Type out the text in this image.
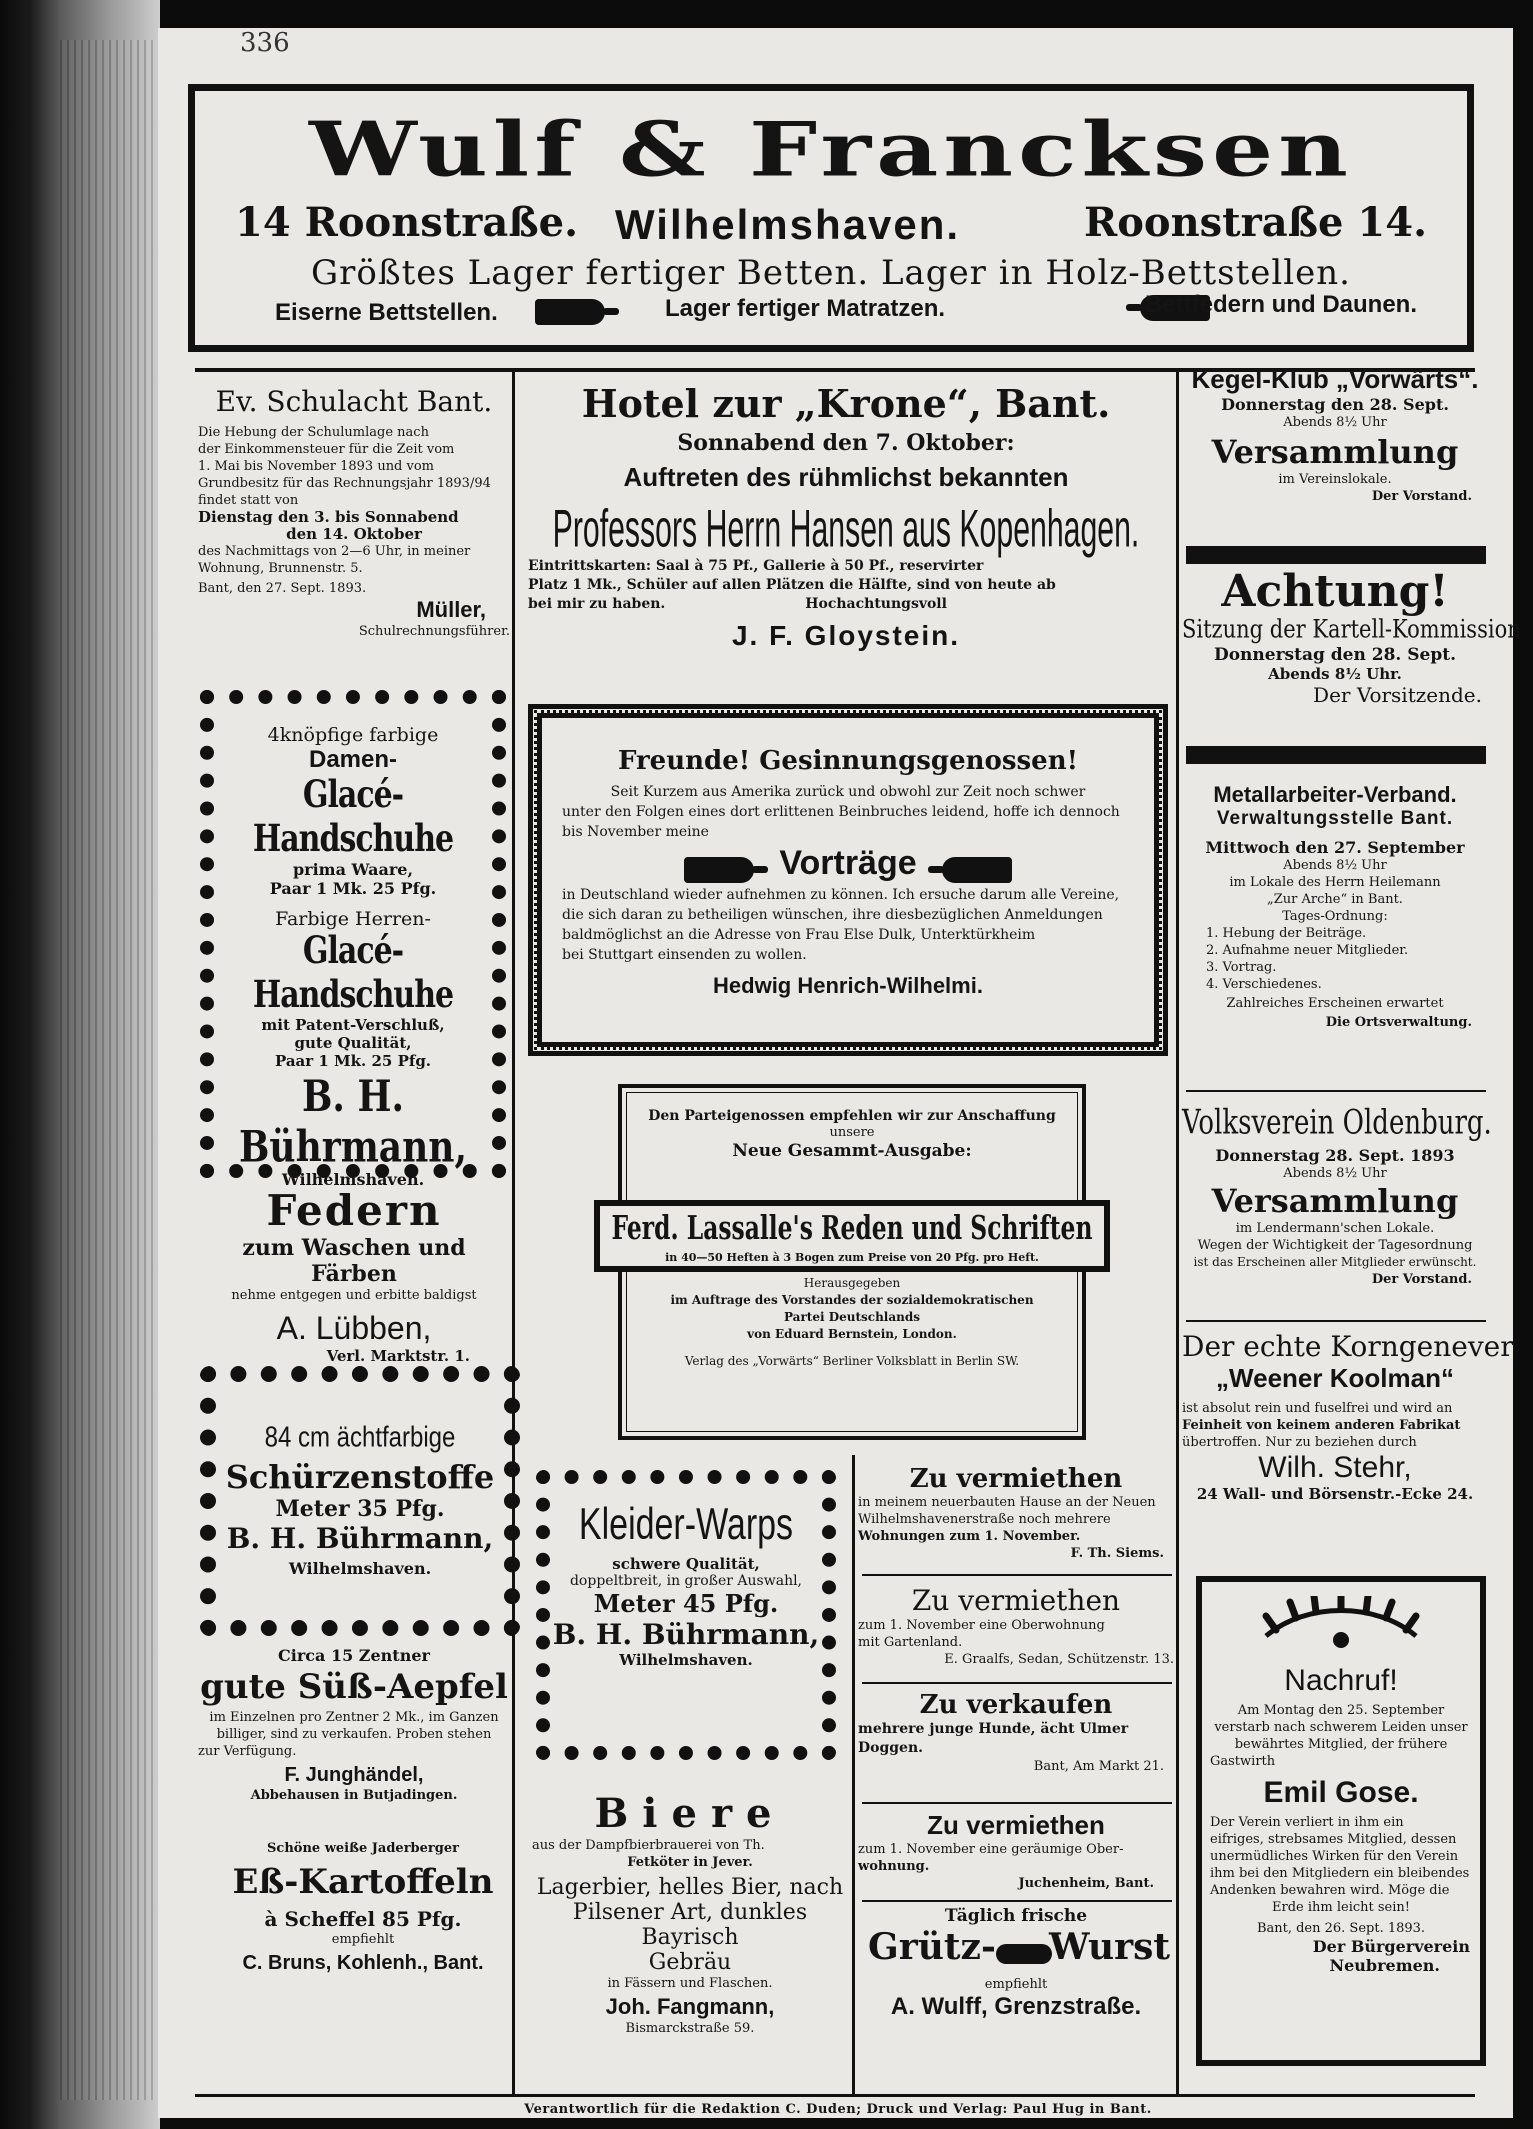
336
Wulf & Francksen
14 Roonstraße. Wilhelmshaven.	Roonstraße 14.
Größtes Lager fertiger Betten. Lager in Holz-Bettstellen.
Eiserne Bettstellen.
	Lager fertiger Matratzen.	Bettfedern und Daunen.
Ev. Schulacht Bant.
Die Hebung der Schulumlage nach
der Einkommensteuer für die Zeit vom
1. Mai bis November 1893 und vom
Grundbesitz für das Rechnungsjahr 1893/94
findet statt von
Dienstag den 3. bis Sonnabend
den 14. Oktober
des Nachmittags von 2—6 Uhr, in meiner
Wohnung, Brunnenstr. 5.
Bant, den 27. Sept. 1893.
Müller,
Schulrechnungsführer.
4knöpfige farbige
Damen-
Glacé-Handschuhe
prima Waare,
Paar 1 Mk. 25 Pfg.
Farbige Herren-
Glacé-Handschuhe
mit Patent-Verschluß,
gute Qualität,
Paar 1 Mk. 25 Pfg.
B. H. Bührmann,
Wilhelmshaven.
Federn
zum Waschen und Färben
nehme entgegen und erbitte baldigst
A. Lübben,
Verl. Marktstr. 1.
84 cm ächtfarbige
Schürzenstoffe
Meter 35 Pfg.
B. H. Bührmann,
Wilhelmshaven.
Circa 15 Zentner
gute Süß-Aepfel
im Einzelnen pro Zentner 2 Mk., im Ganzen
billiger, sind zu verkaufen. Proben stehen
zur Verfügung.
F. Junghändel,
Abbehausen in Butjadingen.
Schöne weiße Jaderberger
Eß-Kartoffeln
à Scheffel 85 Pfg.
empfiehlt
C. Bruns, Kohlenh., Bant.
Hotel zur „Krone“, Bant.
Sonnabend den 7. Oktober:
Auftreten des rühmlichst bekannten
Professors Herrn Hansen aus Kopenhagen.
Eintrittskarten: Saal à 75 Pf., Gallerie à 50 Pf., reservirter
Platz 1 Mk., Schüler auf allen Plätzen die Hälfte, sind von heute ab
bei mir zu haben.	Hochachtungsvoll
J. F. Gloystein.
Freunde! Gesinnungsgenossen!
Seit Kurzem aus Amerika zurück und obwohl zur Zeit noch schwer
unter den Folgen eines dort erlittenen Beinbruches leidend, hoffe ich dennoch
bis November meine
Vorträge
in Deutschland wieder aufnehmen zu können. Ich ersuche darum alle Vereine,
die sich daran zu betheiligen wünschen, ihre diesbezüglichen Anmeldungen
baldmöglichst an die Adresse von Frau Else Dulk, Unterktürkheim
bei Stuttgart einsenden zu wollen.
Hedwig Henrich-Wilhelmi.
Den Parteigenossen empfehlen wir zur Anschaffung
unsere
Neue Gesammt-Ausgabe:
Ferd. Lassalle's Reden und Schriften
in 40—50 Heften à 3 Bogen zum Preise von 20 Pfg. pro Heft.
Herausgegeben
im Auftrage des Vorstandes der sozialdemokratischen
Partei Deutschlands
von Eduard Bernstein, London.
Verlag des „Vorwärts“ Berliner Volksblatt in Berlin SW.
Kleider-Warps
schwere Qualität,
doppeltbreit, in großer Auswahl,
Meter 45 Pfg.
B. H. Bührmann,
Wilhelmshaven.
Biere
aus der Dampfbierbrauerei von Th.
Fetköter in Jever.
Lagerbier, helles Bier, nach
Pilsener Art, dunkles Bayrisch
Gebräu
in Fässern und Flaschen.
Joh. Fangmann,
Bismarckstraße 59.
Zu vermiethen
in meinem neuerbauten Hause an der Neuen
Wilhelmshavenerstraße noch mehrere
Wohnungen zum 1. November.
F. Th. Siems.
Zu vermiethen
zum 1. November eine Oberwohnung
mit Gartenland.
E. Graalfs, Sedan, Schützenstr. 13.
Zu verkaufen
mehrere junge Hunde, ächt Ulmer
Doggen.
Bant, Am Markt 21.
Zu vermiethen
zum 1. November eine geräumige Ober-
wohnung.
Juchenheim, Bant.
Täglich frische
Grütz- Wurst
empfiehlt
A. Wulff, Grenzstraße.
Kegel-Klub „Vorwärts“.
Donnerstag den 28. Sept.
Abends 8½ Uhr
Versammlung
im Vereinslokale.
Der Vorstand.
Achtung!
Sitzung der Kartell-Kommission
Donnerstag den 28. Sept.
Abends 8½ Uhr.
Der Vorsitzende.
Metallarbeiter-Verband.
Verwaltungsstelle Bant.
Mittwoch den 27. September
Abends 8½ Uhr
im Lokale des Herrn Heilemann
„Zur Arche“ in Bant.
Tages-Ordnung:
1. Hebung der Beiträge.
2. Aufnahme neuer Mitglieder.
3. Vortrag.
4. Verschiedenes.
Zahlreiches Erscheinen erwartet
Die Ortsverwaltung.
Volksverein Oldenburg.
Donnerstag 28. Sept. 1893
Abends 8½ Uhr
Versammlung
im Lendermann'schen Lokale.
Wegen der Wichtigkeit der Tagesordnung
ist das Erscheinen aller Mitglieder erwünscht.
Der Vorstand.
Der echte Korngenever
„Weener Koolman“
ist absolut rein und fuselfrei und wird an
Feinheit von keinem anderen Fabrikat
übertroffen. Nur zu beziehen durch
Wilh. Stehr,
24 Wall- und Börsenstr.-Ecke 24.
Nachruf!
Am Montag den 25. September
verstarb nach schwerem Leiden unser
bewährtes Mitglied, der frühere
Gastwirth
Emil Gose.
Der Verein verliert in ihm ein
eifriges, strebsames Mitglied, dessen
unermüdliches Wirken für den Verein
ihm bei den Mitgliedern ein bleibendes
Andenken bewahren wird. Möge die
Erde ihm leicht sein!
Bant, den 26. Sept. 1893.
Der Bürgerverein
Neubremen.
Verantwortlich für die Redaktion C. Duden; Druck und Verlag: Paul Hug in Bant.
